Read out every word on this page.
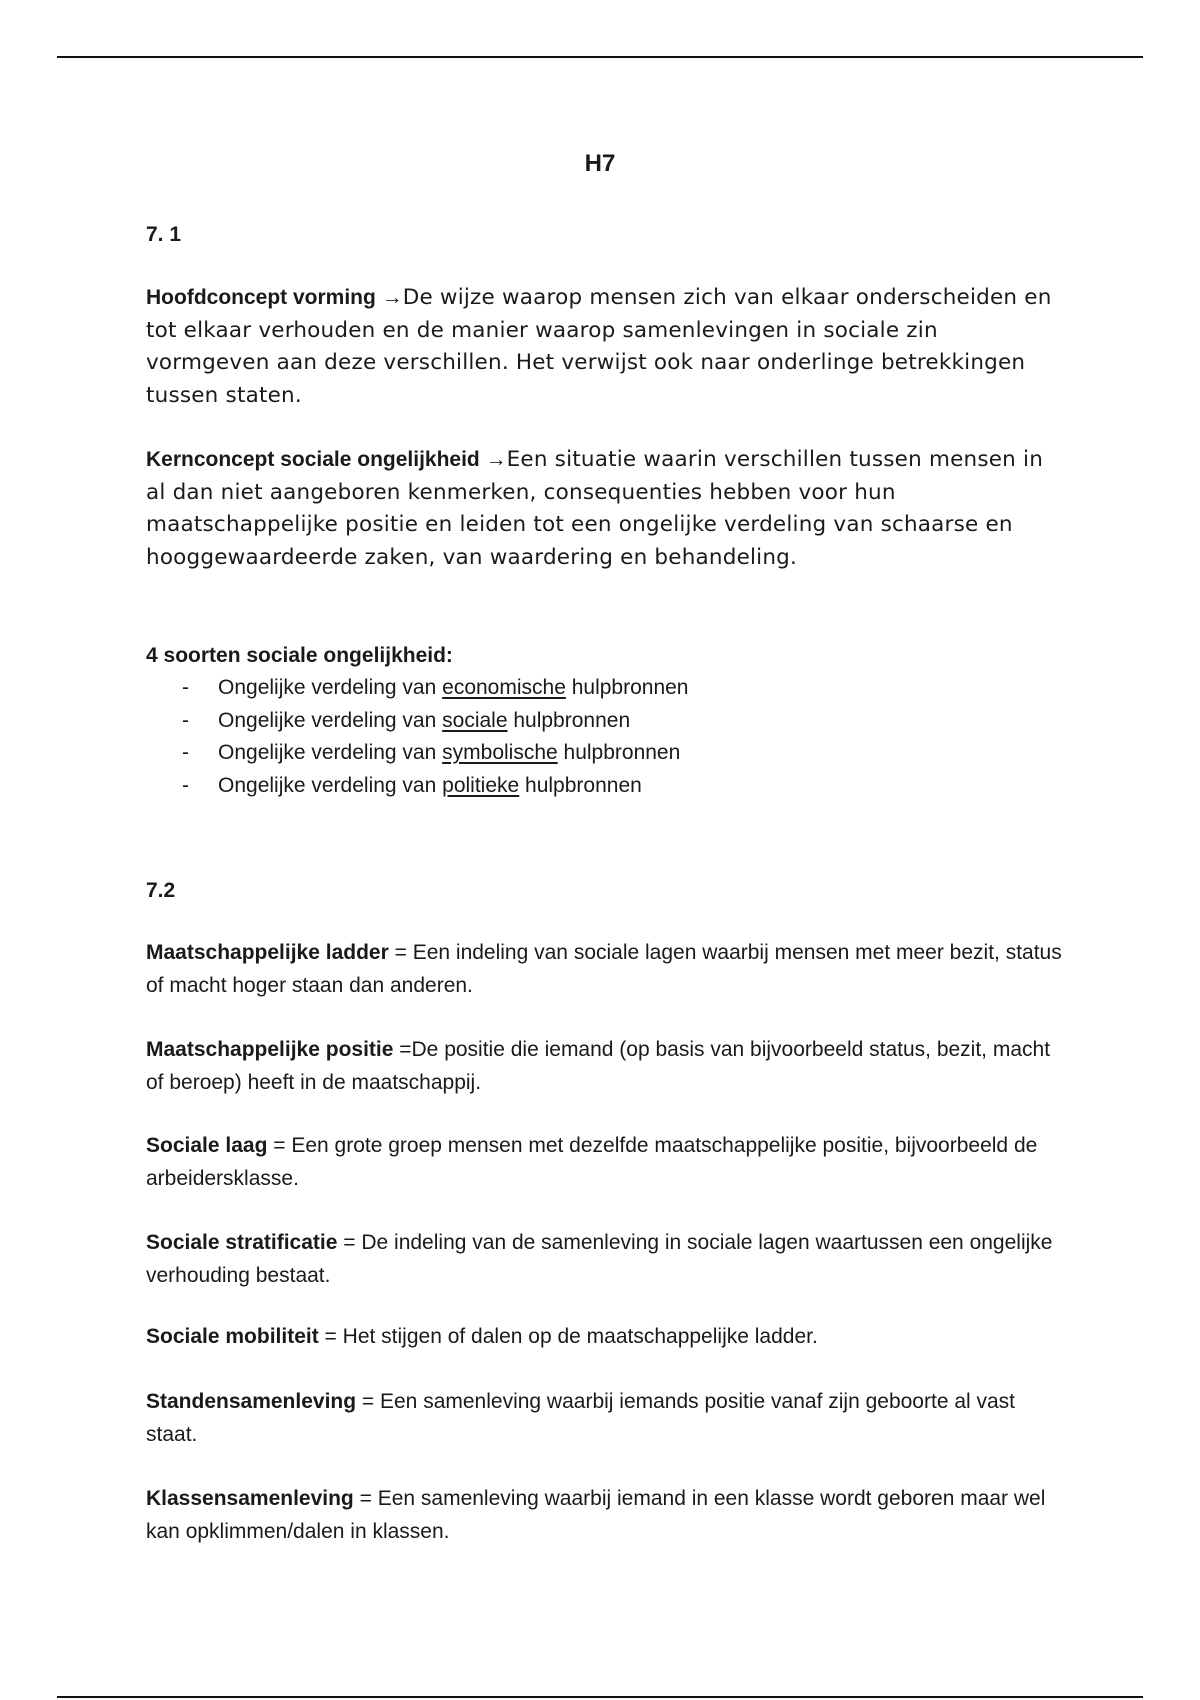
H7

7. 1

Hoofdconcept vorming →De wijze waarop mensen zich van elkaar onderscheiden en tot elkaar verhouden en de manier waarop samenlevingen in sociale zin vormgeven aan deze verschillen. Het verwijst ook naar onderlinge betrekkingen tussen staten.

Kernconcept sociale ongelijkheid →Een situatie waarin verschillen tussen mensen in al dan niet aangeboren kenmerken, consequenties hebben voor hun maatschappelijke positie en leiden tot een ongelijke verdeling van schaarse en hooggewaardeerde zaken, van waardering en behandeling.

4 soorten sociale ongelijkheid:

- Ongelijke verdeling van economische hulpbronnen
- Ongelijke verdeling van sociale hulpbronnen
- Ongelijke verdeling van symbolische hulpbronnen
- Ongelijke verdeling van politieke hulpbronnen

7.2

Maatschappelijke ladder = Een indeling van sociale lagen waarbij mensen met meer bezit, status of macht hoger staan dan anderen.

Maatschappelijke positie =De positie die iemand (op basis van bijvoorbeeld status, bezit, macht of beroep) heeft in de maatschappij.

Sociale laag = Een grote groep mensen met dezelfde maatschappelijke positie, bijvoorbeeld de arbeidersklasse.

Sociale stratificatie = De indeling van de samenleving in sociale lagen waartussen een ongelijke verhouding bestaat.

Sociale mobiliteit = Het stijgen of dalen op de maatschappelijke ladder.

Standensamenleving = Een samenleving waarbij iemands positie vanaf zijn geboorte al vast staat.

Klassensamenleving = Een samenleving waarbij iemand in een klasse wordt geboren maar wel kan opklimmen/dalen in klassen.
